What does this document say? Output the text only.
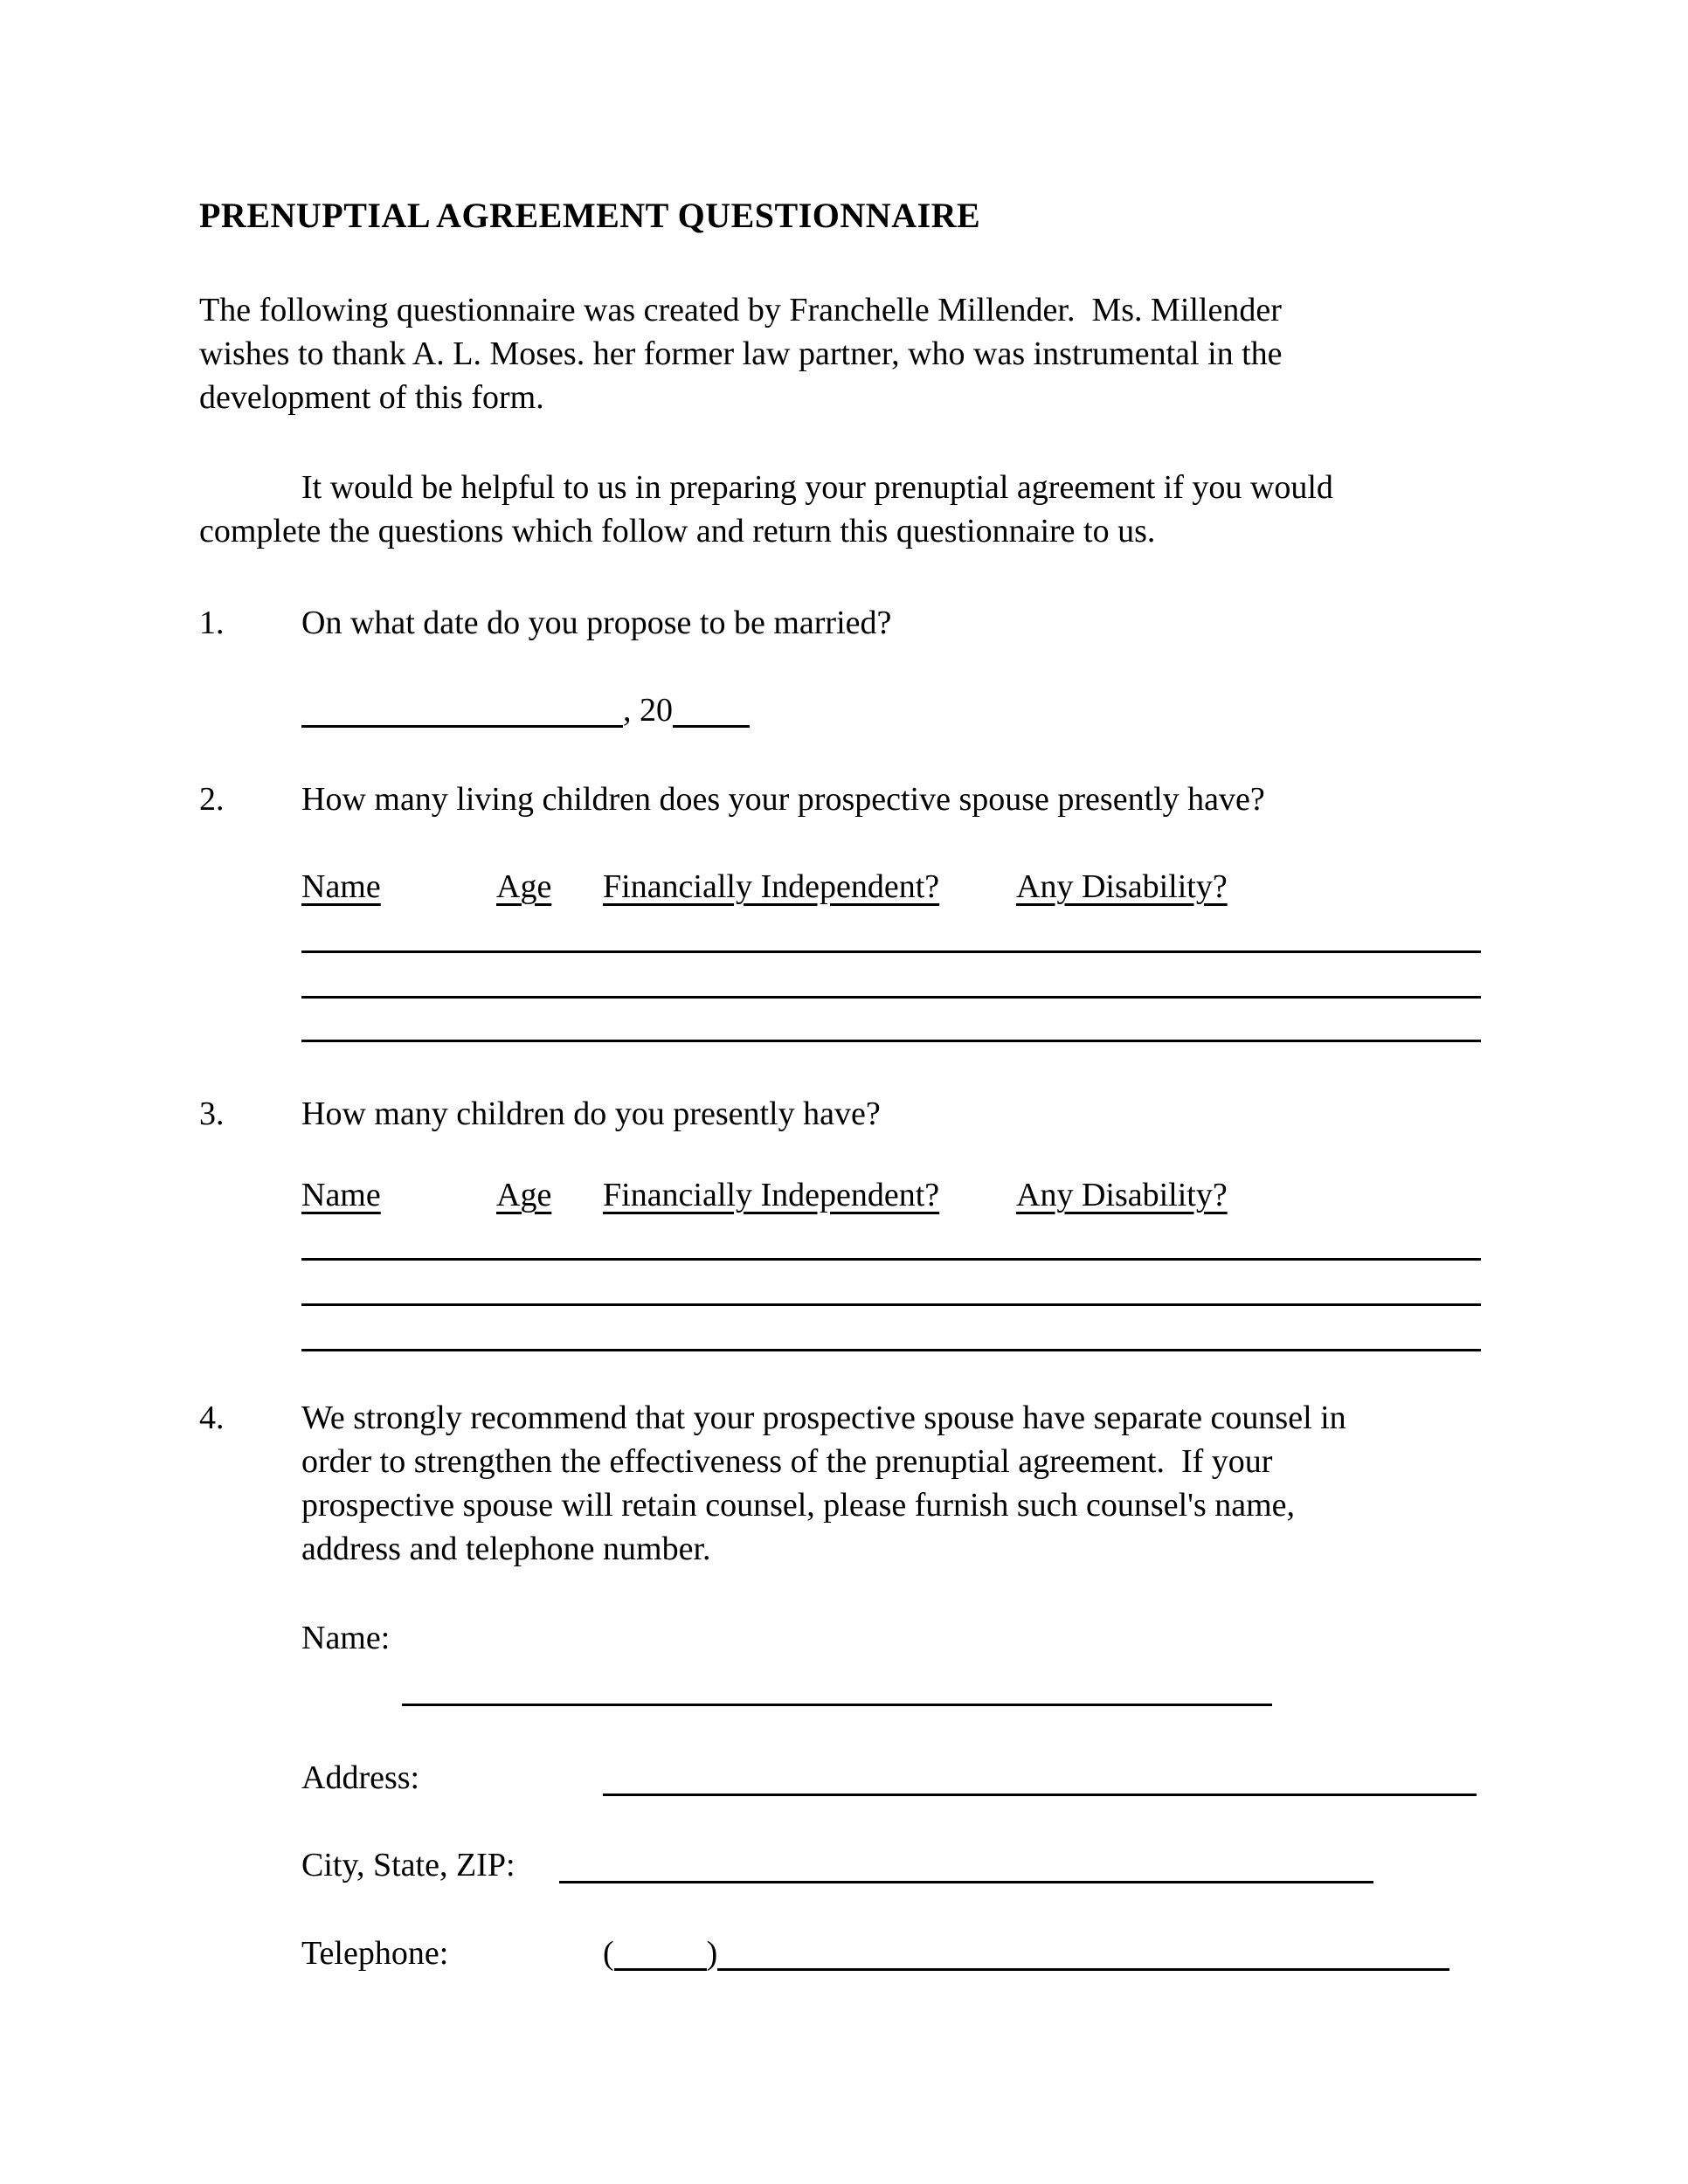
PRENUPTIAL AGREEMENT QUESTIONNAIRE
The following questionnaire was created by Franchelle Millender.  Ms. Millender
wishes to thank A. L. Moses. her former law partner, who was instrumental in the
development of this form.
It would be helpful to us in preparing your prenuptial agreement if you would
complete the questions which follow and return this questionnaire to us.
1. On what date do you propose to be married?
, 20
2. How many living children does your prospective spouse presently have?
Name	Age Financially Independent? Any Disability?
3. How many children do you presently have?
Name	Age Financially Independent? Any Disability?
4. We strongly recommend that your prospective spouse have separate counsel in
order to strengthen the effectiveness of the prenuptial agreement.  If your
prospective spouse will retain counsel, please furnish such counsel's name,
address and telephone number.
Name:
Address:
City, State, ZIP:
Telephone:	(	)
